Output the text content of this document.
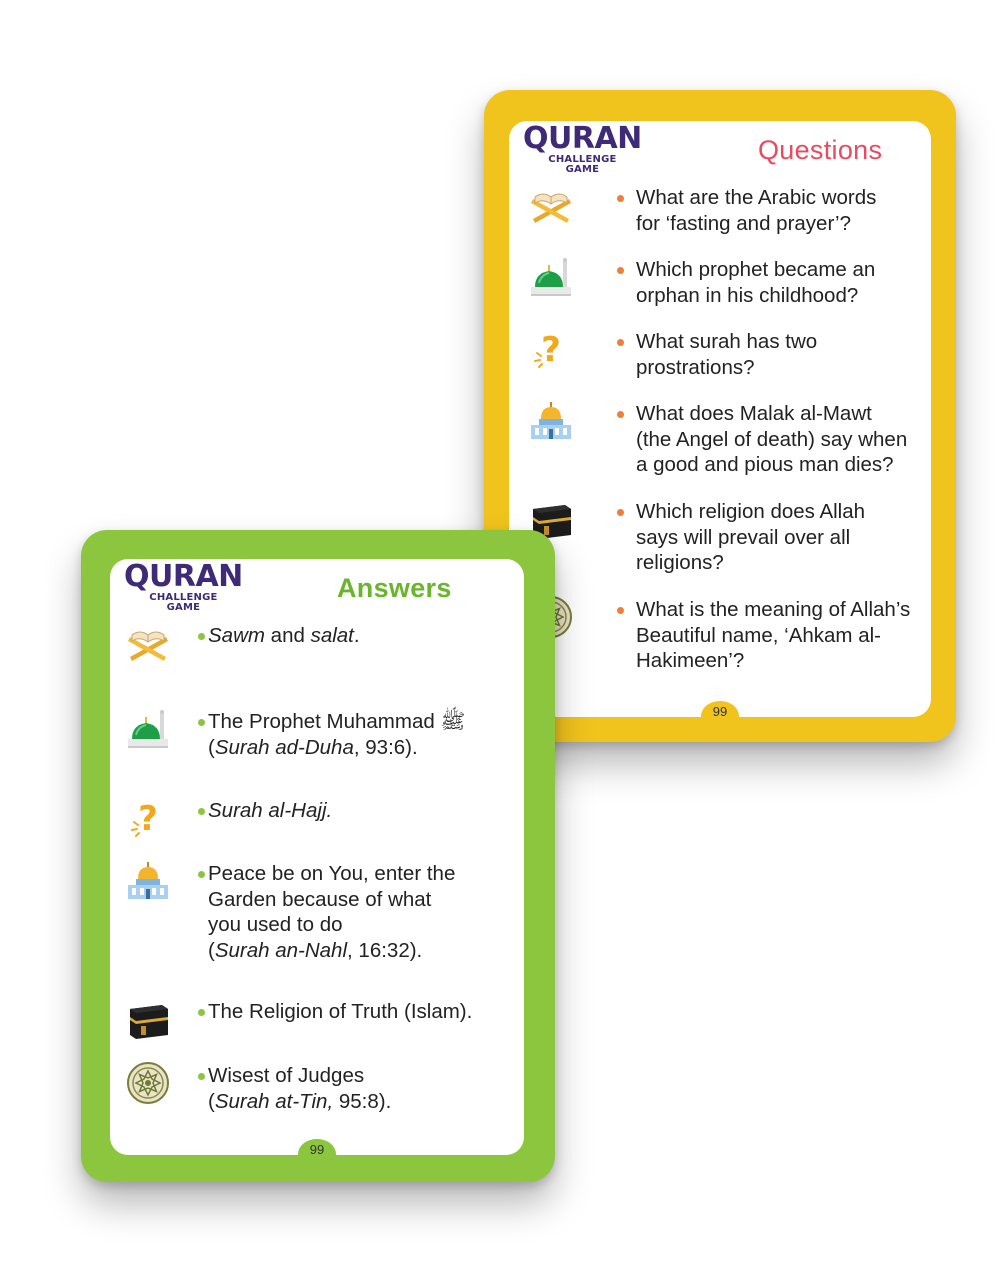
QURAN
CHALLENGE
GAME
Questions
What are the Arabic words
for ‘fasting and prayer’?
Which prophet became an
orphan in his childhood?
?	What surah has two
prostrations?
What does Malak al-Mawt
(the Angel of death) say when
a good and pious man dies?
Which religion does Allah
says will prevail over all
religions?
What is the meaning of Allah’s
Beautiful name, ‘Ahkam al-
Hakimeen’?
99
QURAN
CHALLENGE
GAME
Answers
Sawm and salat.
The Prophet Muhammad ﷺ
(Surah ad-Duha, 93:6).
? Surah al-Hajj.
Peace be on You, enter the
Garden because of what
you used to do
(Surah an-Nahl, 16:32).
The Religion of Truth (Islam).
Wisest of Judges
(Surah at-Tin, 95:8).
99
